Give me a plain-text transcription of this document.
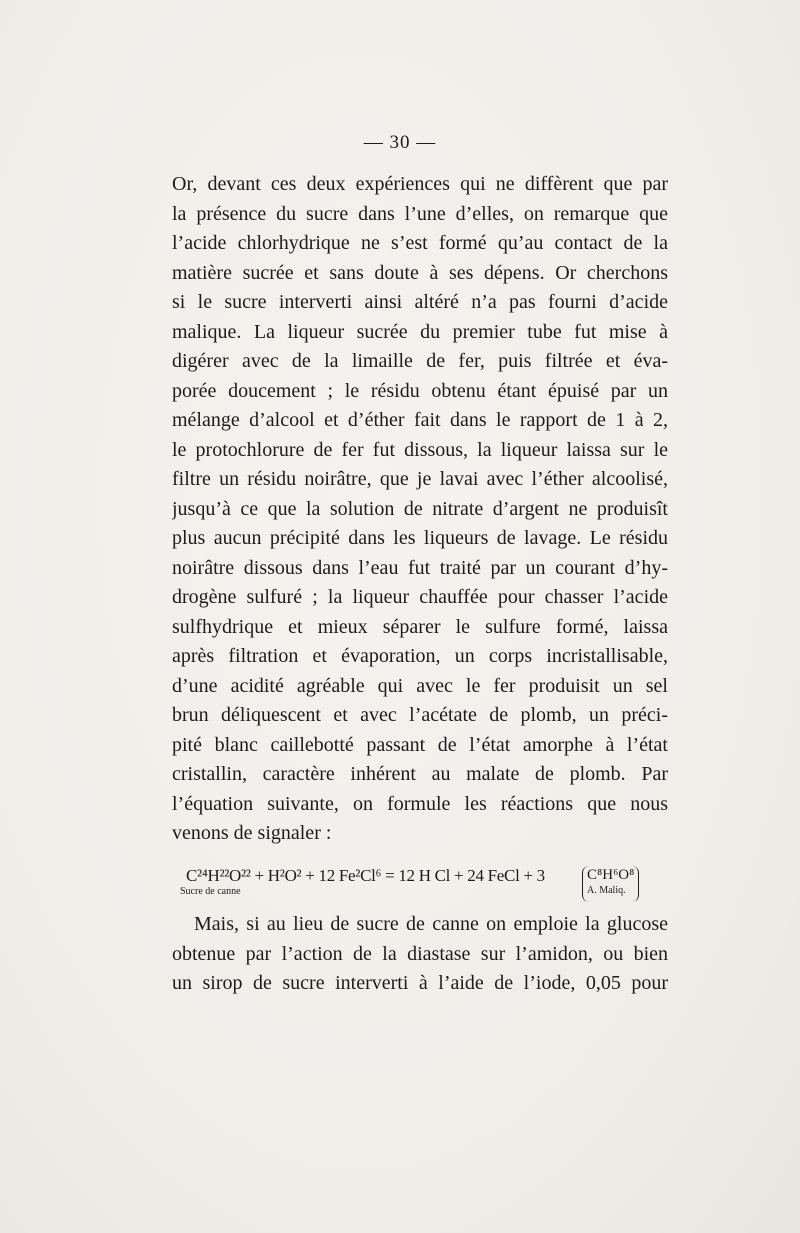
— 30 —
Or, devant ces deux expériences qui ne diffèrent que par
la présence du sucre dans l’une d’elles, on remarque que
l’acide chlorhydrique ne s’est formé qu’au contact de la
matière sucrée et sans doute à ses dépens. Or cherchons
si le sucre interverti ainsi altéré n’a pas fourni d’acide
malique. La liqueur sucrée du premier tube fut mise à
digérer avec de la limaille de fer, puis filtrée et éva-
porée doucement ; le résidu obtenu étant épuisé par un
mélange d’alcool et d’éther fait dans le rapport de 1 à 2,
le protochlorure de fer fut dissous, la liqueur laissa sur le
filtre un résidu noirâtre, que je lavai avec l’éther alcoolisé,
jusqu’à ce que la solution de nitrate d’argent ne produisît
plus aucun précipité dans les liqueurs de lavage. Le résidu
noirâtre dissous dans l’eau fut traité par un courant d’hy-
drogène sulfuré ; la liqueur chauffée pour chasser l’acide
sulfhydrique et mieux séparer le sulfure formé, laissa
après filtration et évaporation, un corps incristallisable,
d’une acidité agréable qui avec le fer produisit un sel
brun déliquescent et avec l’acétate de plomb, un préci-
pité blanc caillebotté passant de l’état amorphe à l’état
cristallin, caractère inhérent au malate de plomb. Par
l’équation suivante, on formule les réactions que nous
venons de signaler :
C²⁴H²²O²² + H²O² + 12 Fe²Cl⁶ = 12 H Cl + 24 FeCl + 3
Sucre de canne
C⁸H⁶O⁸
A. Maliq.
Mais, si au lieu de sucre de canne on emploie la glucose
obtenue par l’action de la diastase sur l’amidon, ou bien
un sirop de sucre interverti à l’aide de l’iode, 0,05 pour
